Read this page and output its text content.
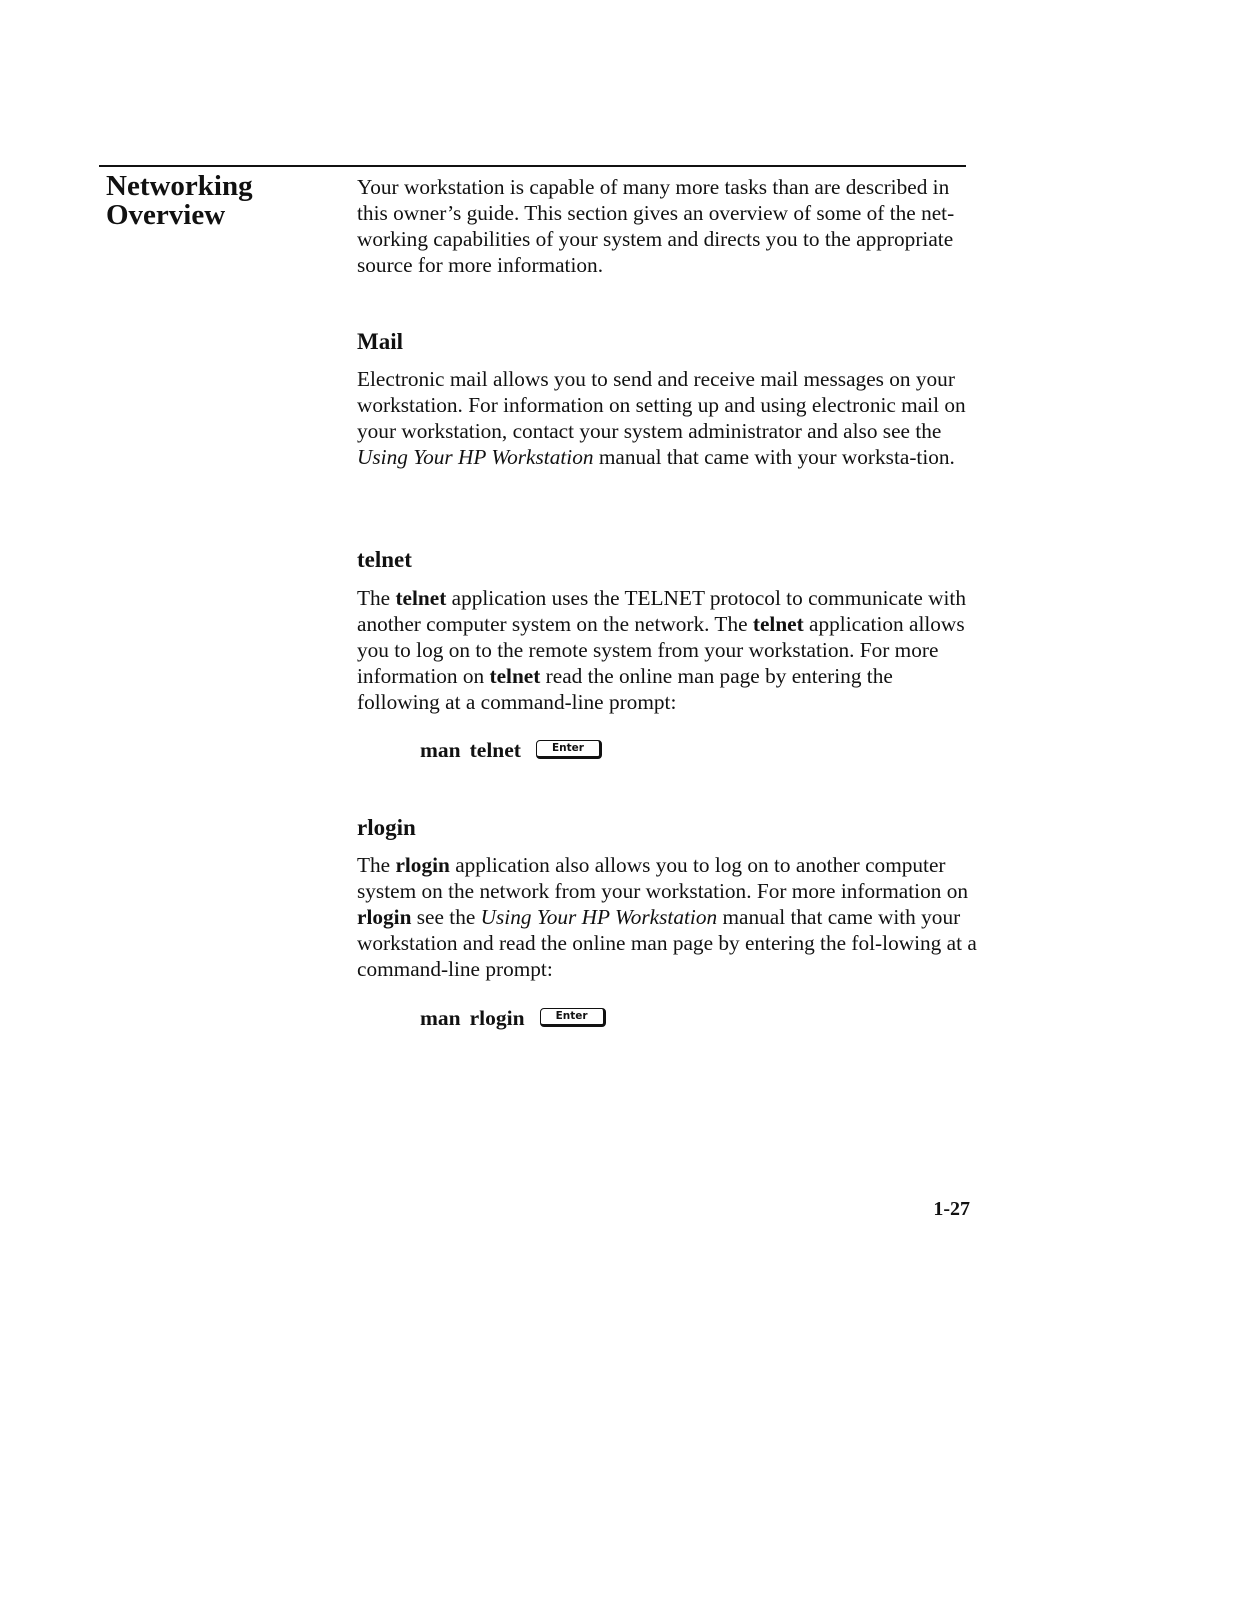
Networking
Overview

Your workstation is capable of many more tasks than are described in this owner’s guide. This section gives an overview of some of the net-working capabilities of your system and directs you to the appropriate source for more information.

Mail

Electronic mail allows you to send and receive mail messages on your workstation. For information on setting up and using electronic mail on your workstation, contact your system administrator and also see the Using Your HP Workstation manual that came with your worksta-tion.

telnet

The telnet application uses the TELNET protocol to communicate with another computer system on the network. The telnet application allows you to log on to the remote system from your workstation. For more information on telnet read the online man page by entering the following at a command-line prompt:

man telnet	Enter
rlogin

The rlogin application also allows you to log on to another computer system on the network from your workstation. For more information on rlogin see the Using Your HP Workstation manual that came with your workstation and read the online man page by entering the fol-lowing at a command-line prompt:

man rlogin	Enter
1-27
